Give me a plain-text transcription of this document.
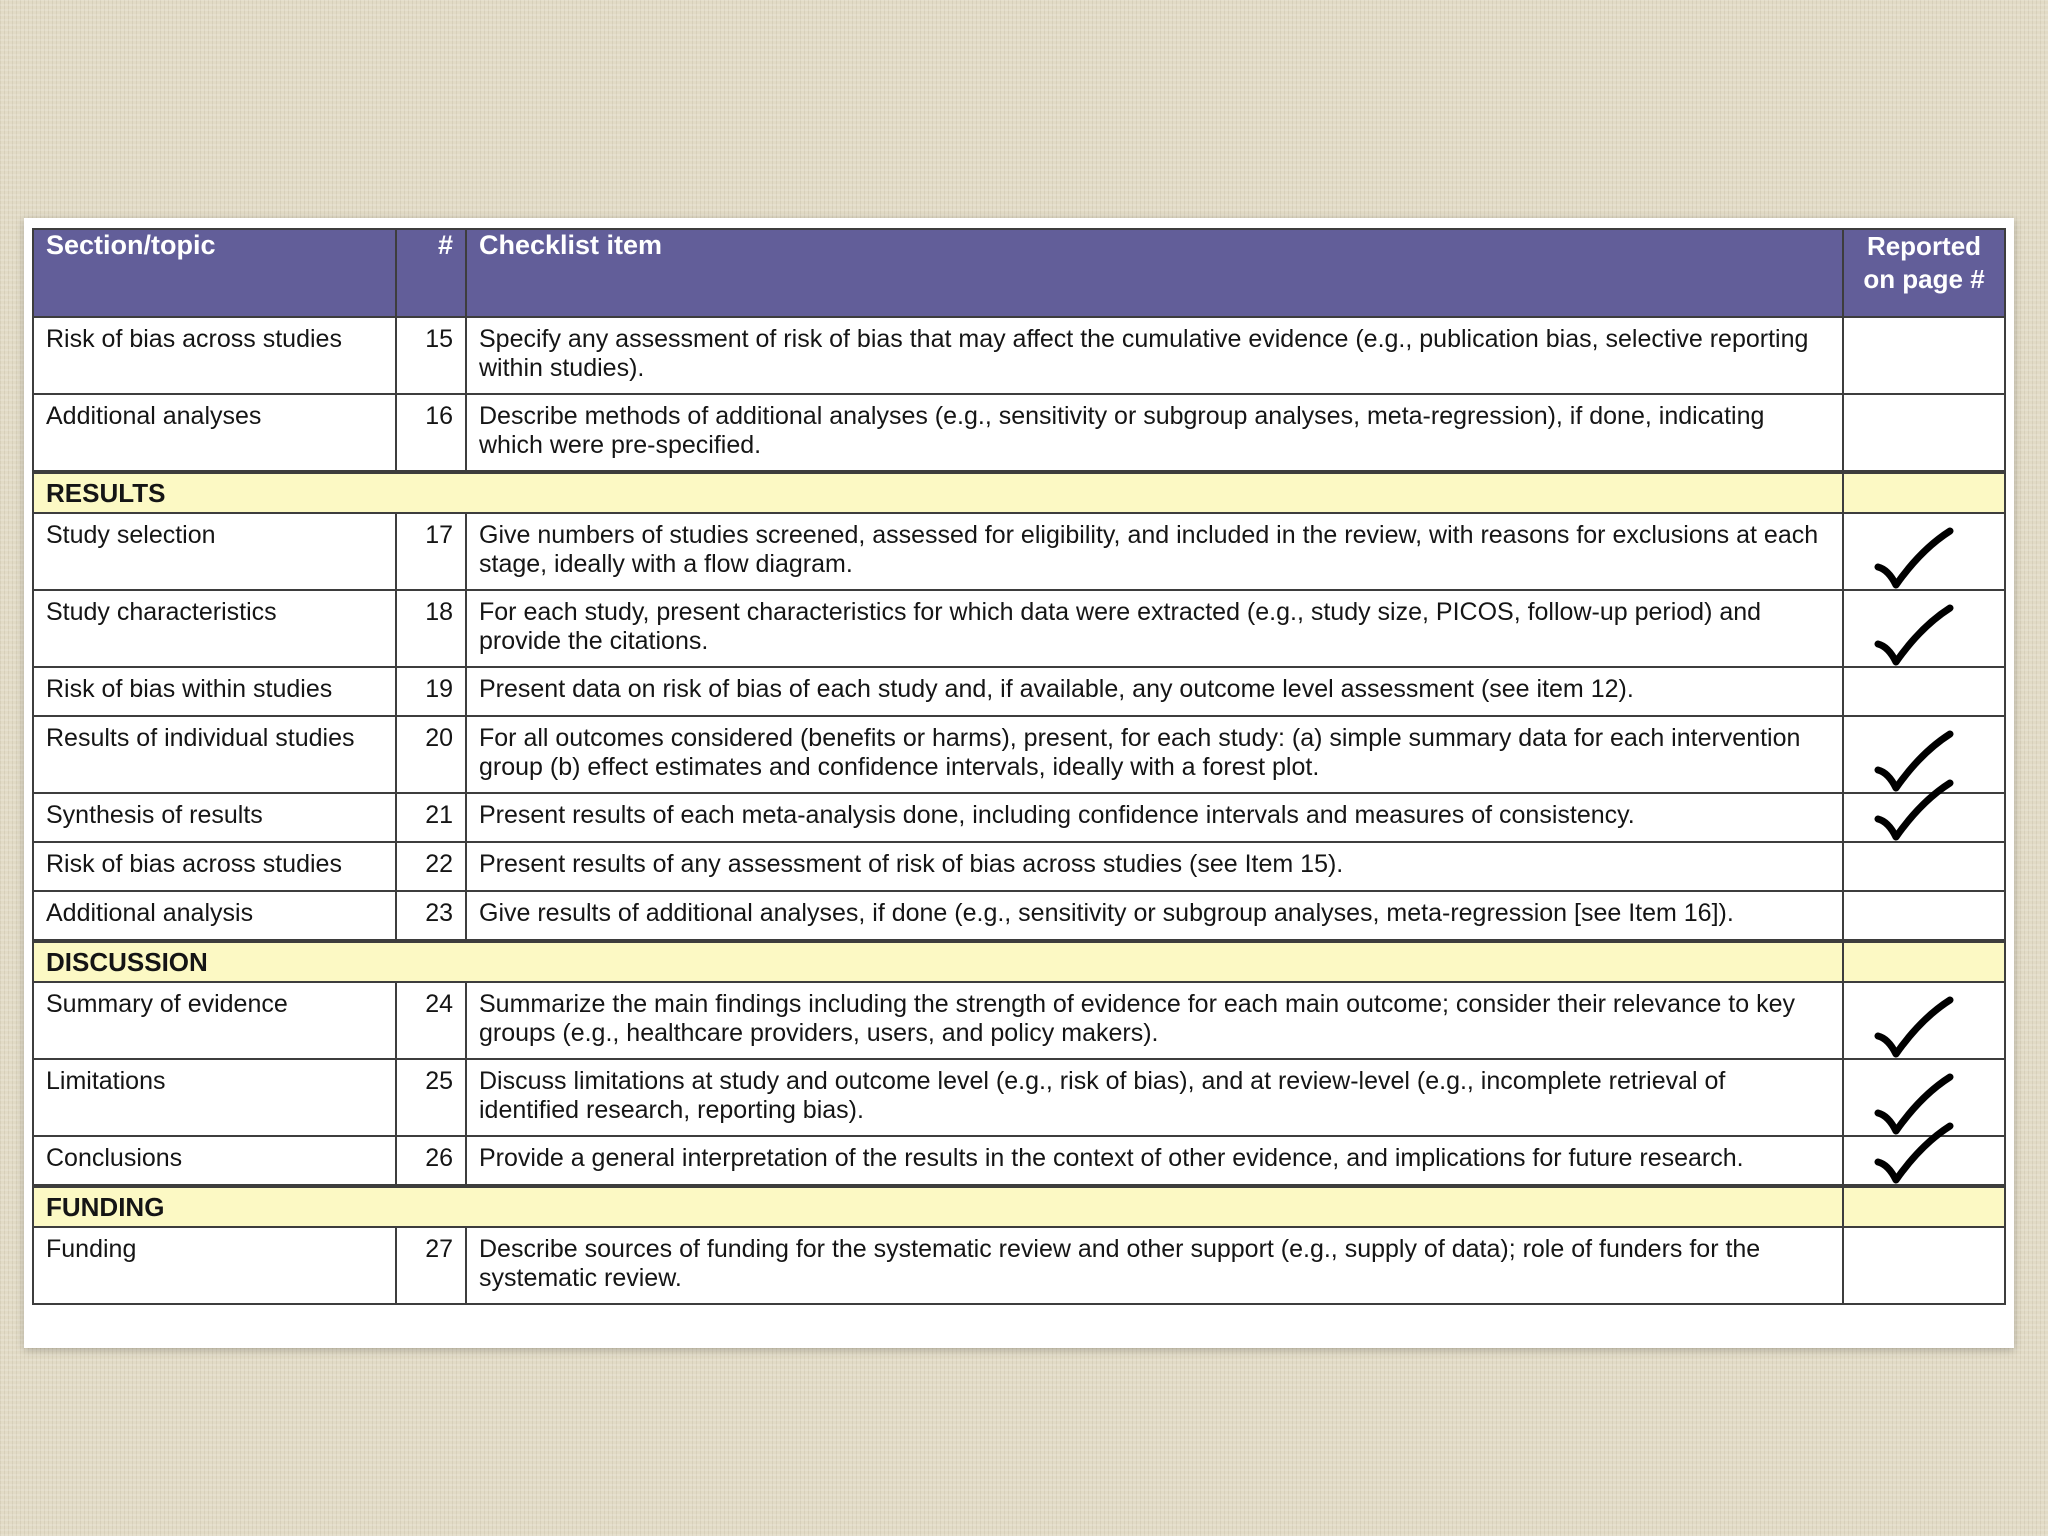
Section/topic	#	Checklist item	Reported on page #
Risk of bias across studies	15	Specify any assessment of risk of bias that may affect the cumulative evidence (e.g., publication bias, selective reporting within studies).	
Additional analyses	16	Describe methods of additional analyses (e.g., sensitivity or subgroup analyses, meta-regression), if done, indicating which were pre-specified.	
RESULTS			
Study selection	17	Give numbers of studies screened, assessed for eligibility, and included in the review, with reasons for exclusions at each stage, ideally with a flow diagram.	

Study characteristics	18	For each study, present characteristics for which data were extracted (e.g., study size, PICOS, follow-up period) and provide the citations.	

Risk of bias within studies	19	Present data on risk of bias of each study and, if available, any outcome level assessment (see item 12).	
Results of individual studies	20	For all outcomes considered (benefits or harms), present, for each study: (a) simple summary data for each intervention group (b) effect estimates and confidence intervals, ideally with a forest plot.	

Synthesis of results	21	Present results of each meta-analysis done, including confidence intervals and measures of consistency.	

Risk of bias across studies	22	Present results of any assessment of risk of bias across studies (see Item 15).	
Additional analysis	23	Give results of additional analyses, if done (e.g., sensitivity or subgroup analyses, meta-regression [see Item 16]).	
DISCUSSION			
Summary of evidence	24	Summarize the main findings including the strength of evidence for each main outcome; consider their relevance to key groups (e.g., healthcare providers, users, and policy makers).	

Limitations	25	Discuss limitations at study and outcome level (e.g., risk of bias), and at review-level (e.g., incomplete retrieval of identified research, reporting bias).	

Conclusions	26	Provide a general interpretation of the results in the context of other evidence, and implications for future research.	

FUNDING			
Funding	27	Describe sources of funding for the systematic review and other support (e.g., supply of data); role of funders for the systematic review.	
